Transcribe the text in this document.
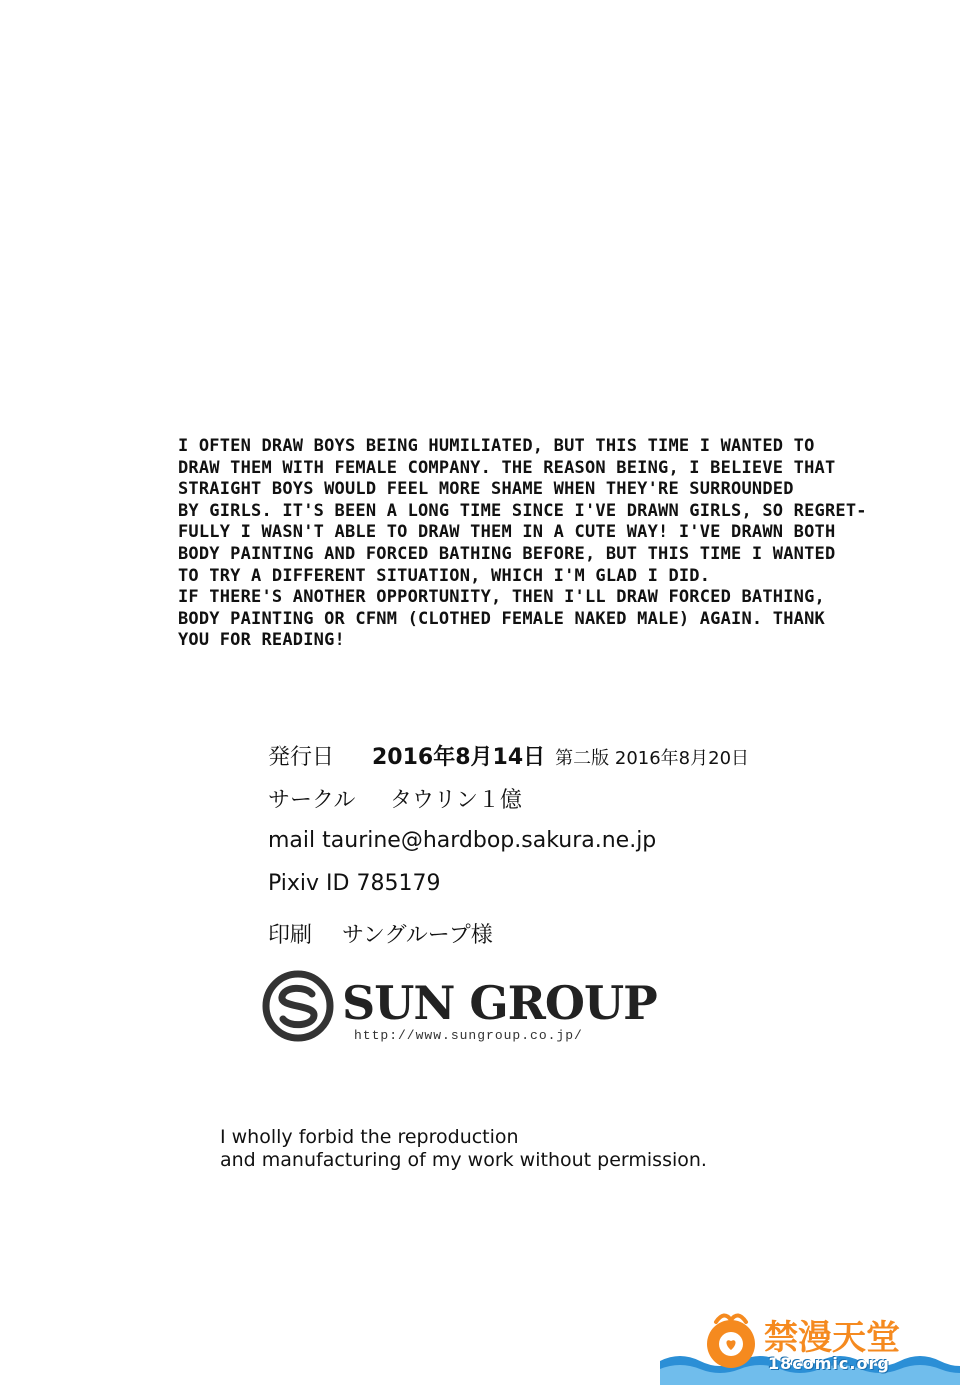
I OFTEN DRAW BOYS BEING HUMILIATED, BUT THIS TIME I WANTED TO
DRAW THEM WITH FEMALE COMPANY. THE REASON BEING, I BELIEVE THAT
STRAIGHT BOYS WOULD FEEL MORE SHAME WHEN THEY'RE SURROUNDED
BY GIRLS. IT'S BEEN A LONG TIME SINCE I'VE DRAWN GIRLS, SO REGRET-
FULLY I WASN'T ABLE TO DRAW THEM IN A CUTE WAY! I'VE DRAWN BOTH
BODY PAINTING AND FORCED BATHING BEFORE, BUT THIS TIME I WANTED
TO TRY A DIFFERENT SITUATION, WHICH I'M GLAD I DID.
IF THERE'S ANOTHER OPPORTUNITY, THEN I'LL DRAW FORCED BATHING,
BODY PAINTING OR CFNM (CLOTHED FEMALE NAKED MALE) AGAIN. THANK
YOU FOR READING!
発行日 2016年8月14日 第二版 2016年8月20日
サークル タウリン１億
mail taurine@hardbop.sakura.ne.jp
Pixiv ID 785179
印刷 サングループ様
SUN GROUP
http://www.sungroup.co.jp/
I wholly forbid the reproduction
and manufacturing of my work without permission.
禁漫天堂
18comic.org
